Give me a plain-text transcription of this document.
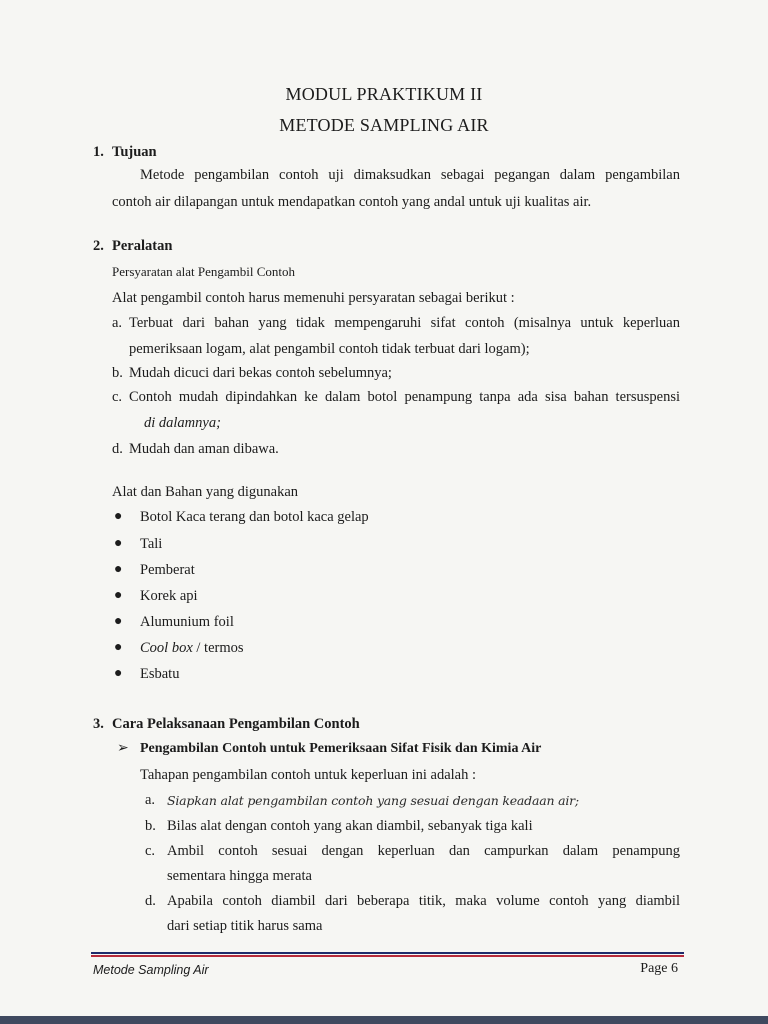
MODUL PRAKTIKUM II
METODE SAMPLING AIR
1. Tujuan
Metode pengambilan contoh uji dimaksudkan sebagai pegangan dalam pengambilan
contoh air dilapangan untuk mendapatkan contoh yang andal untuk uji kualitas air.
2. Peralatan
Persyaratan alat Pengambil Contoh
Alat pengambil contoh harus memenuhi persyaratan sebagai berikut :
a. Terbuat dari bahan yang tidak mempengaruhi sifat contoh (misalnya untuk keperluan
pemeriksaan logam, alat pengambil contoh tidak terbuat dari logam);
b. Mudah dicuci dari bekas contoh sebelumnya;
c. Contoh mudah dipindahkan ke dalam botol penampung tanpa ada sisa bahan tersuspensi
di dalamnya;
d. Mudah dan aman dibawa.
Alat dan Bahan yang digunakan
● Botol Kaca terang dan botol kaca gelap
● Tali
● Pemberat
● Korek api
● Alumunium foil
● Cool box / termos
● Esbatu
3. Cara Pelaksanaan Pengambilan Contoh
➢ Pengambilan Contoh untuk Pemeriksaan Sifat Fisik dan Kimia Air
Tahapan pengambilan contoh untuk keperluan ini adalah :
a. Siapkan alat pengambilan contoh yang sesuai dengan keadaan air;
b. Bilas alat dengan contoh yang akan diambil, sebanyak tiga kali
c. Ambil contoh sesuai dengan keperluan dan campurkan dalam penampung
sementara hingga merata
d. Apabila contoh diambil dari beberapa titik, maka volume contoh yang diambil
dari setiap titik harus sama
Metode Sampling Air	Page 6
